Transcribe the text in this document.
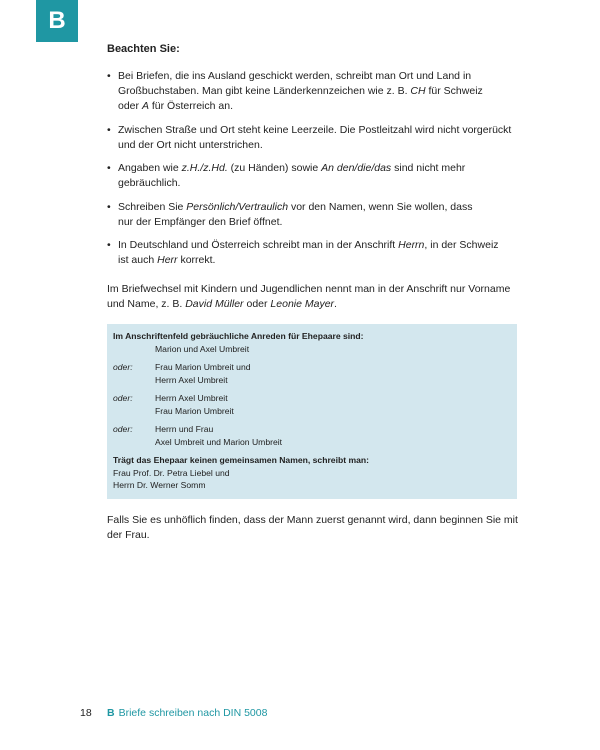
B
Beachten Sie:
• Bei Briefen, die ins Ausland geschickt werden, schreibt man Ort und Land in
Großbuchstaben. Man gibt keine Länderkennzeichen wie z. B. CH für Schweiz
oder A für Österreich an.
• Zwischen Straße und Ort steht keine Leerzeile. Die Postleitzahl wird nicht vorgerückt
und der Ort nicht unterstrichen.
• Angaben wie z.H./z.Hd. (zu Händen) sowie An den/die/das sind nicht mehr
gebräuchlich.
• Schreiben Sie Persönlich/Vertraulich vor den Namen, wenn Sie wollen, dass
nur der Empfänger den Brief öffnet.
• In Deutschland und Österreich schreibt man in der Anschrift Herrn, in der Schweiz
ist auch Herr korrekt.
Im Briefwechsel mit Kindern und Jugendlichen nennt man in der Anschrift nur Vorname
und Name, z. B. David Müller oder Leonie Mayer.
Im Anschriftenfeld gebräuchliche Anreden für Ehepaare sind:
Marion und Axel Umbreit
oder:	Frau Marion Umbreit und
Herrn Axel Umbreit
oder:	Herrn Axel Umbreit
Frau Marion Umbreit
oder:	Herrn und Frau
Axel Umbreit und Marion Umbreit
Trägt das Ehepaar keinen gemeinsamen Namen, schreibt man:
Frau Prof. Dr. Petra Liebel und
Herrn Dr. Werner Somm
Falls Sie es unhöflich finden, dass der Mann zuerst genannt wird, dann beginnen Sie mit
der Frau.
18 B Briefe schreiben nach DIN 5008
